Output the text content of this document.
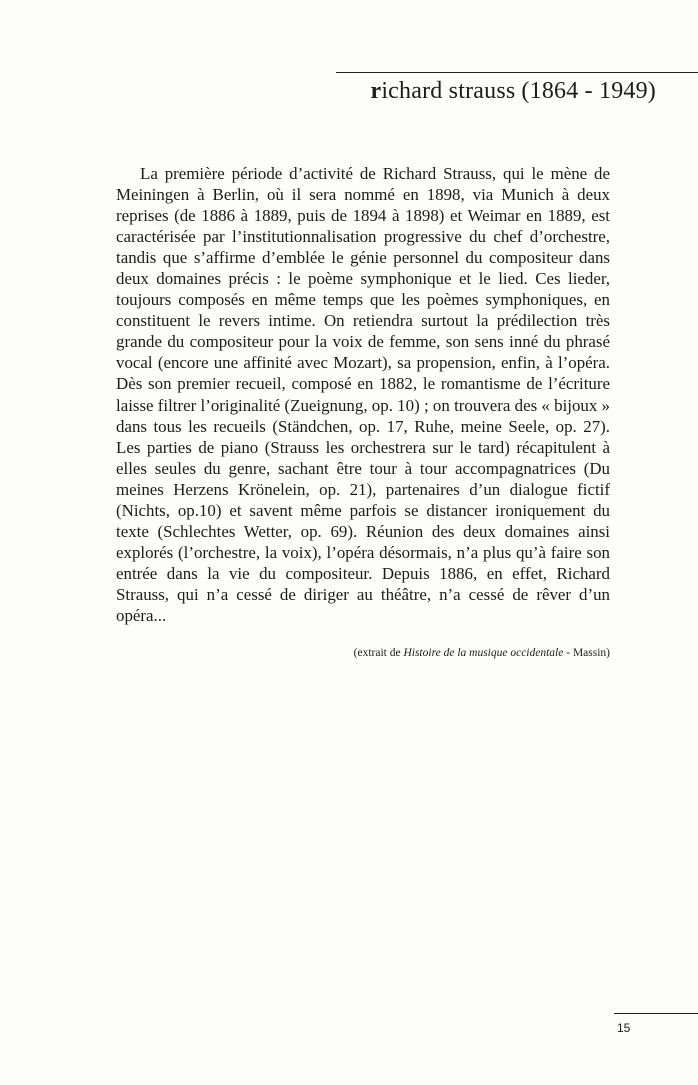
richard strauss (1864 - 1949)

La première période d’activité de Richard Strauss, qui le mène de Meiningen à Berlin, où il sera nommé en 1898, via Munich à deux reprises (de 1886 à 1889, puis de 1894 à 1898) et Weimar en 1889, est caractérisée par l’institutionnalisation progressive du chef d’orchestre, tandis que s’affirme d’emblée le génie personnel du compositeur dans deux domaines précis : le poème symphonique et le lied. Ces lieder, toujours composés en même temps que les poèmes symphoniques, en constituent le revers intime. On retiendra surtout la prédilection très grande du compositeur pour la voix de femme, son sens inné du phrasé vocal (encore une affinité avec Mozart), sa propension, enfin, à l’opéra. Dès son premier recueil, composé en 1882, le romantisme de l’écriture laisse filtrer l’originalité (Zueignung, op. 10) ; on trouvera des « bijoux » dans tous les recueils (Ständchen, op. 17, Ruhe, meine Seele, op. 27). Les parties de piano (Strauss les orchestrera sur le tard) récapitulent à elles seules du genre, sachant être tour à tour accompagnatrices (Du meines Herzens Krönelein, op. 21), partenaires d’un dialogue fictif (Nichts, op.10) et savent même parfois se distancer ironiquement du texte (Schlechtes Wetter, op. 69). Réunion des deux domaines ainsi explorés (l’orchestre, la voix), l’opéra désormais, n’a plus qu’à faire son entrée dans la vie du compositeur. Depuis 1886, en effet, Richard Strauss, qui n’a cessé de diriger au théâtre, n’a cessé de rêver d’un opéra...

(extrait de Histoire de la musique occidentale - Massin)
15
